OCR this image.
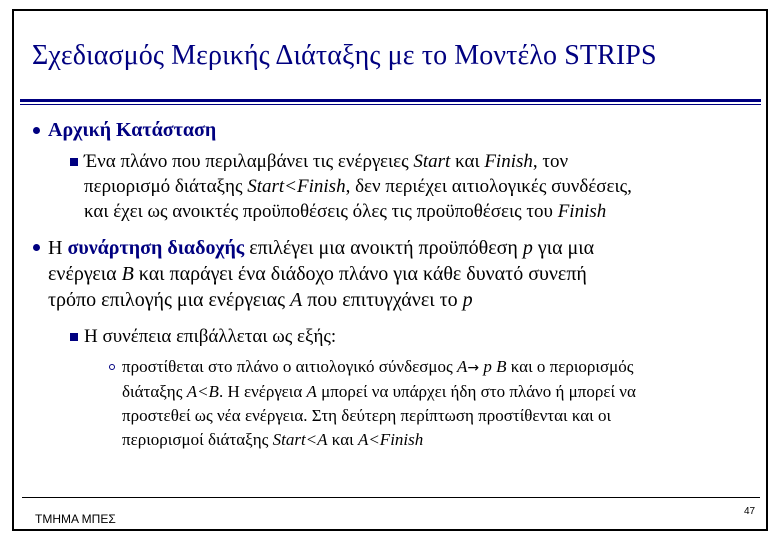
Σχεδιασμός Μερικής Διάταξης με το Μοντέλο STRIPS
Αρχική Κατάσταση
Ένα πλάνο που περιλαμβάνει τις ενέργειες Start και Finish, τον
περιορισμό διάταξης Start<Finish, δεν περιέχει αιτιολογικές συνδέσεις,
και έχει ως ανοικτές προϋποθέσεις όλες τις προϋποθέσεις του Finish
Η συνάρτηση διαδοχής επιλέγει μια ανοικτή προϋπόθεση p για μια
ενέργεια B και παράγει ένα διάδοχο πλάνο για κάθε δυνατό συνεπή
τρόπο επιλογής μια ενέργειας A που επιτυγχάνει το p
Η συνέπεια επιβάλλεται ως εξής:
προστίθεται στο πλάνο ο αιτιολογικό σύνδεσμος A→ p B και ο περιορισμός
διάταξης A<B. Η ενέργεια A μπορεί να υπάρχει ήδη στο πλάνο ή μπορεί να
προστεθεί ως νέα ενέργεια. Στη δεύτερη περίπτωση προστίθενται και οι
περιορισμοί διάταξης Start<A και A<Finish
ΤΜΗΜΑ ΜΠΕΣ
47
